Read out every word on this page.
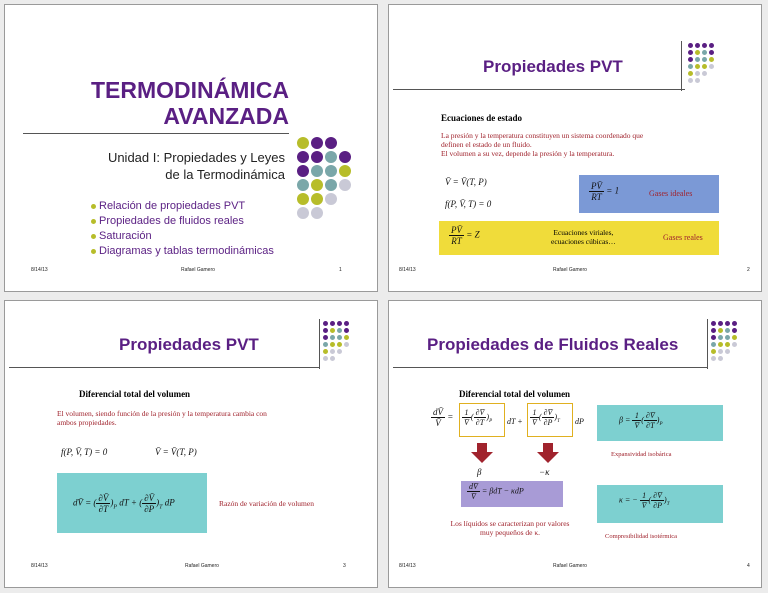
TERMODINÁMICA
AVANZADA
Unidad I: Propiedades y Leyes
de la Termodinámica
Relación de propiedades PVT
Propiedades de fluidos reales
Saturación
Diagramas y tablas termodinámicas
8/14/13	Rafael Gamero	1
Propiedades PVT
Ecuaciones de estado
La presión y la temperatura constituyen un sistema coordenado que
definen el estado de un fluido.
El volumen a su vez, depende la presión y la temperatura.
V̄ = V̄(T, P)
f(P, V̄, T) = 0
$\frac{PV̄}{RT} = 1$	Gases ideales
$\frac{PV̄}{RT} = Z$	Ecuaciones viriales,
ecuaciones cúbicas…	Gases reales
8/14/13	Rafael Gamero	2
Propiedades PVT
Diferencial total del volumen
El volumen, siendo función de la presión y la temperatura cambia con
ambos propiedades.
f(P, V̄, T) = 0	V̄ = V̄(T, P)
dV̄ = ( $\frac{\partial V̄}{\partial T} )_P$ dT + ( $\frac{\partial V̄}{\partial P} )_T$ dP	Razón de variación de volumen
8/14/13	Rafael Gamero	3
Propiedades de Fluidos Reales
Diferencial total del volumen
$\frac{dV̄}{V̄} = \frac{1}{V̄}$ ( $\frac{\partial V̄}{\partial T} )_P$ dT + $\frac{1}{V̄}$ ( $\frac{\partial V̄}{\partial P} )_T$ dP
β	−κ
$\frac{dV̄}{V̄} = \beta dT - \kappa dP$
Los líquidos se caracterizan por valores
muy pequeños de κ.
$\beta = \frac{1}{V̄}$ ( $\frac{\partial V̄}{\partial T} )_P$
Expansividad isobárica
κ = − $\frac{1}{V̄}$ ( $\frac{\partial V̄}{\partial P} )_T$
Compresibilidad isotérmica
8/14/13	Rafael Gamero	4
